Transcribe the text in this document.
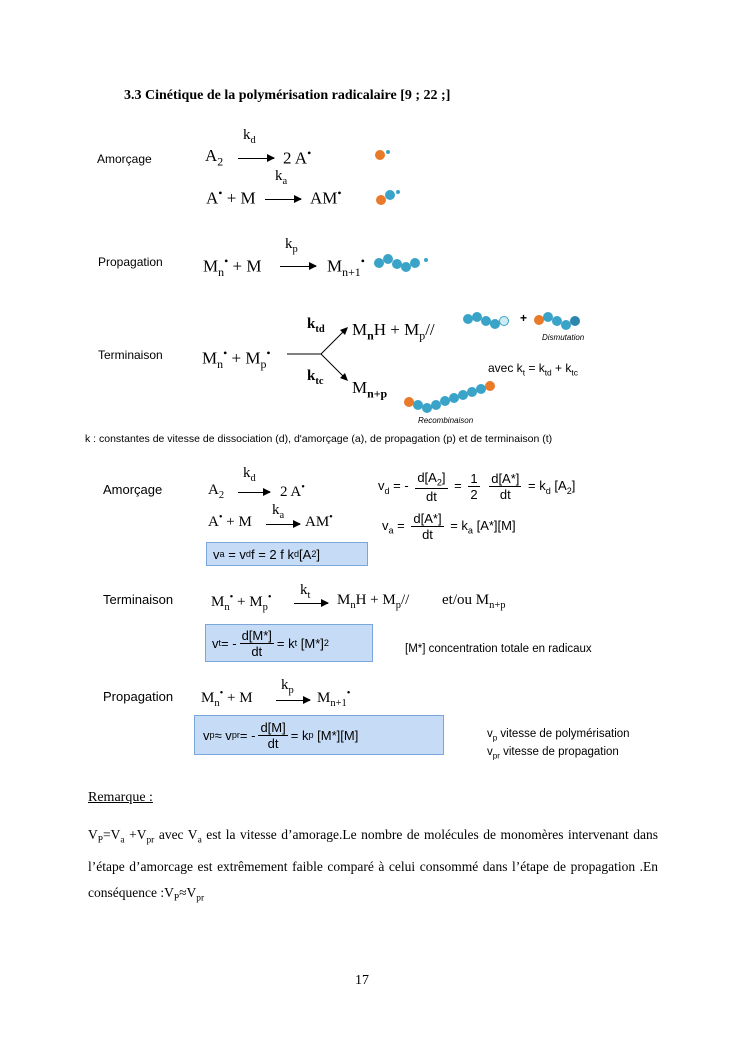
3.3 Cinétique de la polymérisation radicalaire [9 ; 22 ;]
Amorçage	$A_2$
$k_d$
2 A•
A• + M
$k_a$
AM•
Propagation $M_n^• + M$
$k_p$
$M_{n+1}^•$
Terminaison $M_n^• + M_p^•$
$k_{td}$
$k_{tc}$
$M_nH + M_p//$
$M_{n+p}$
+
Dismutation
avec $k_t = k_{td} + k_{tc}$
Recombinaison
k : constantes de vitesse de dissociation (d), d'amorçage (a), de propagation (p) et de terminaison (t)
Amorçage	$A_2$
$k_d$
2 A•	$v_d$ = - $\frac{d[A_2]}{dt} = \frac{1}{2}$
$\frac{d[A*]}{dt} = k_d$ $[A_2]$
A• + M
$k_a$ AM•
$v_a = \frac{d[A*]}{dt} = k_a$ [A*][M]
v a
= v d f = 2 f k d [A 2 ]
Terminaison	$M_n^• + M_p^•$ $k_t$ $M_nH + M_p//$ et/ou $M_{n+p}$
v t = - $\frac{d[M*]}{dt} = k$ t
[M*] 2	[M*] concentration totale en radicaux
Propagation $M_n^• + M$
$k_p$ $M_{n+1}^•$
v p ≈ v pr = - $\frac{d[M]}{dt} = k$ p
[M*][M]	$v_p$ vitesse de polymérisation
$v_{pr}$ vitesse de propagation
Remarque :
$V_P=V_a +V_{pr}$ avec $V_a$ est la vitesse d’amorage.Le nombre de molécules de monomères intervenant dans l’étape d’amorcage est extrêmement faible comparé à celui consommé dans l’étape de propagation .En conséquence $:V_P\approx V_{pr}$
17
